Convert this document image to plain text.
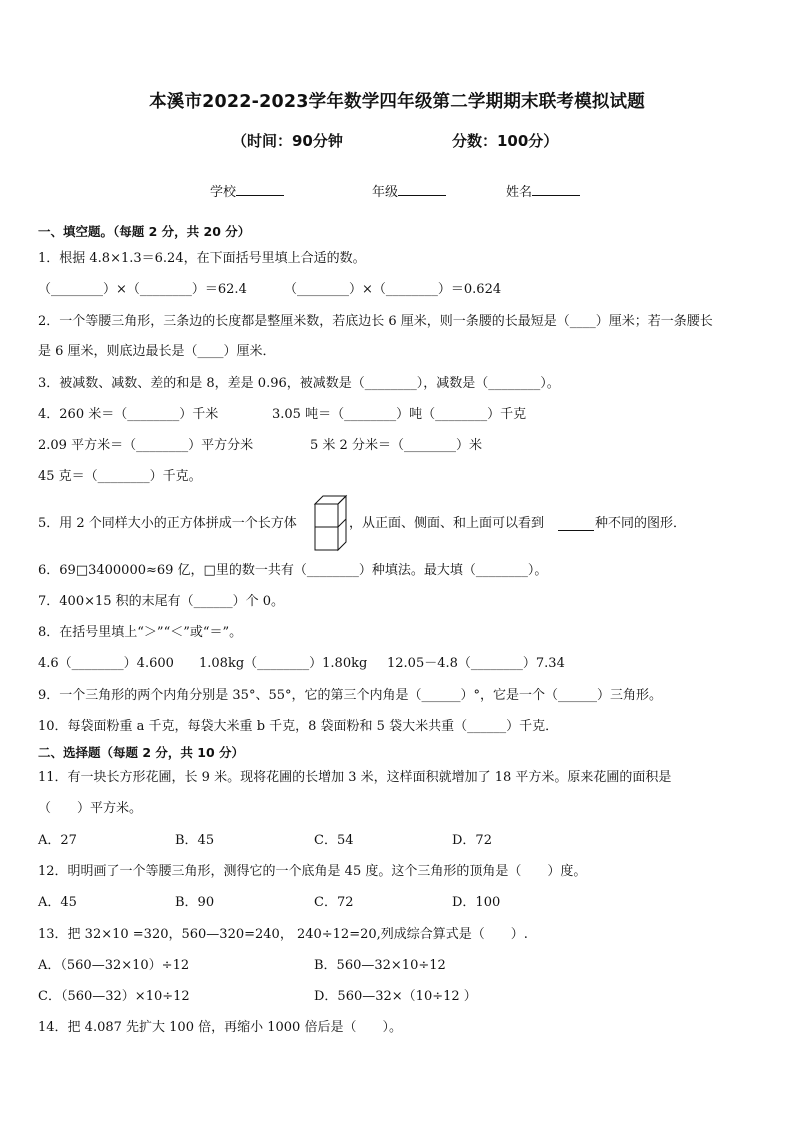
本溪市2022-2023学年数学四年级第二学期期末联考模拟试题
（时间：90分钟	分数：100分）
学校	年级	姓名
一、填空题。（每题 2 分，共 20 分）
1．根据 4.8×1.3＝6.24，在下面括号里填上合适的数。
（________）×（________）＝62.4	（________）×（________）＝0.624
2．一个等腰三角形，三条边的长度都是整厘米数，若底边长 6 厘米，则一条腰的长最短是（____）厘米；若一条腰长
是 6 厘米，则底边最长是（____）厘米．
3．被减数、减数、差的和是 8，差是 0.96，被减数是（________），减数是（________）。
4．260 米＝（________）千米	3.05 吨＝（________）吨（________）千克
2.09 平方米＝（________）平方分米	5 米 2 分米＝（________）米
45 克＝（________）千克。
5．用 2 个同样大小的正方体拼成一个长方体	，从正面、侧面、和上面可以看到	种不同的图形．
6．69□3400000≈69 亿，□里的数一共有（________）种填法。最大填（________）。
7．400×15 积的末尾有（______）个 0。
8．在括号里填上“＞”“＜”或“＝”。
4.6（________）4.600 1.08kg（________）1.80kg 12.05－4.8（________）7.34
9．一个三角形的两个内角分别是 35°、55°，它的第三个内角是（______）°，它是一个（______）三角形。
10．每袋面粉重 a 千克，每袋大米重 b 千克，8 袋面粉和 5 袋大米共重（______）千克．
二、选择题（每题 2 分，共 10 分）
11．有一块长方形花圃，长 9 米。现将花圃的长增加 3 米，这样面积就增加了 18 平方米。原来花圃的面积是
（　　）平方米。
A．27	B．45	C．54	D．72
12．明明画了一个等腰三角形，测得它的一个底角是 45 度。这个三角形的顶角是（　　）度。
A．45	B．90	C．72	D．100
13．把 32×10 =320，560—320=240， 240÷12=20,列成综合算式是（　　）.
A．（560—32×10）÷12	B．560—32×10÷12
C．（560—32）×10÷12	D．560—32×（10÷12 ）
14．把 4.087 先扩大 100 倍，再缩小 1000 倍后是（　　）。
